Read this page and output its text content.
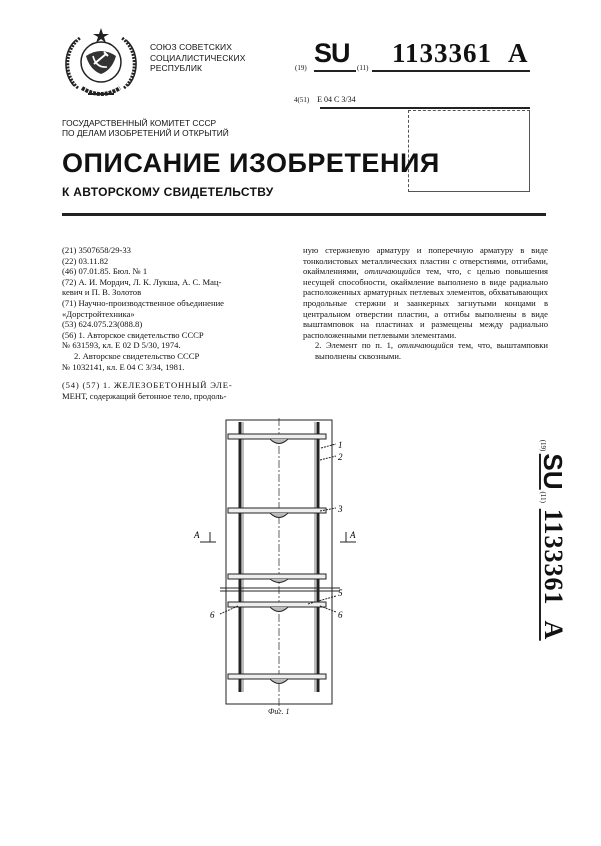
СОЮЗ СОВЕТСКИХ
СОЦИАЛИСТИЧЕСКИХ
РЕСПУБЛИК	(19) SU (11) 1133361 A
4(51) E 04 C 3/34
ГОСУДАРСТВЕННЫЙ КОМИТЕТ СССР
ПО ДЕЛАМ ИЗОБРЕТЕНИЙ И ОТКРЫТИЙ
ОПИСАНИЕ ИЗОБРЕТЕНИЯ
К АВТОРСКОМУ СВИДЕТЕЛЬСТВУ
(21) 3507658/29-33
(22) 03.11.82
(46) 07.01.85. Бюл. № 1
(72) А. И. Мордич, Л. К. Лукша, А. С. Мац-
кевич и П. В. Золотов
(71) Научно-производственное объединение
«Дорстройтехника»
(53) 624.075.23(088.8)
(56) 1. Авторское свидетельство СССР
№ 631593, кл. Е 02 D 5/30, 1974.
2. Авторское свидетельство СССР
№ 1032141, кл. Е 04 С 3/34, 1981.
(54) (57) 1. ЖЕЛЕЗОБЕТОННЫЙ ЭЛЕ-
МЕНТ, содержащий бетонное тело, продоль-
ную стержневую арматуру и поперечную арматуру в виде тонколистовых металлических пластин с отверстиями, отгибами, окаймлениями, отличающийся тем, что, с целью повышения несущей способности, окаймление выполнено в виде радиально расположенных арматурных петлевых элементов, обхватывающих продольные стержни и заанкерных загнутыми концами в центральном отверстии пластин, а отгибы выполнены в виде выштамповок на пластинах и размещены между радиально расположенными петлевыми элементами.
2. Элемент по п. 1, отличающийся тем, что, выштамповки выполнены сквозными.
1
2
3
5
6	6
А	А
Фиг. 1
(19)
SU
(11)
1133361  A
